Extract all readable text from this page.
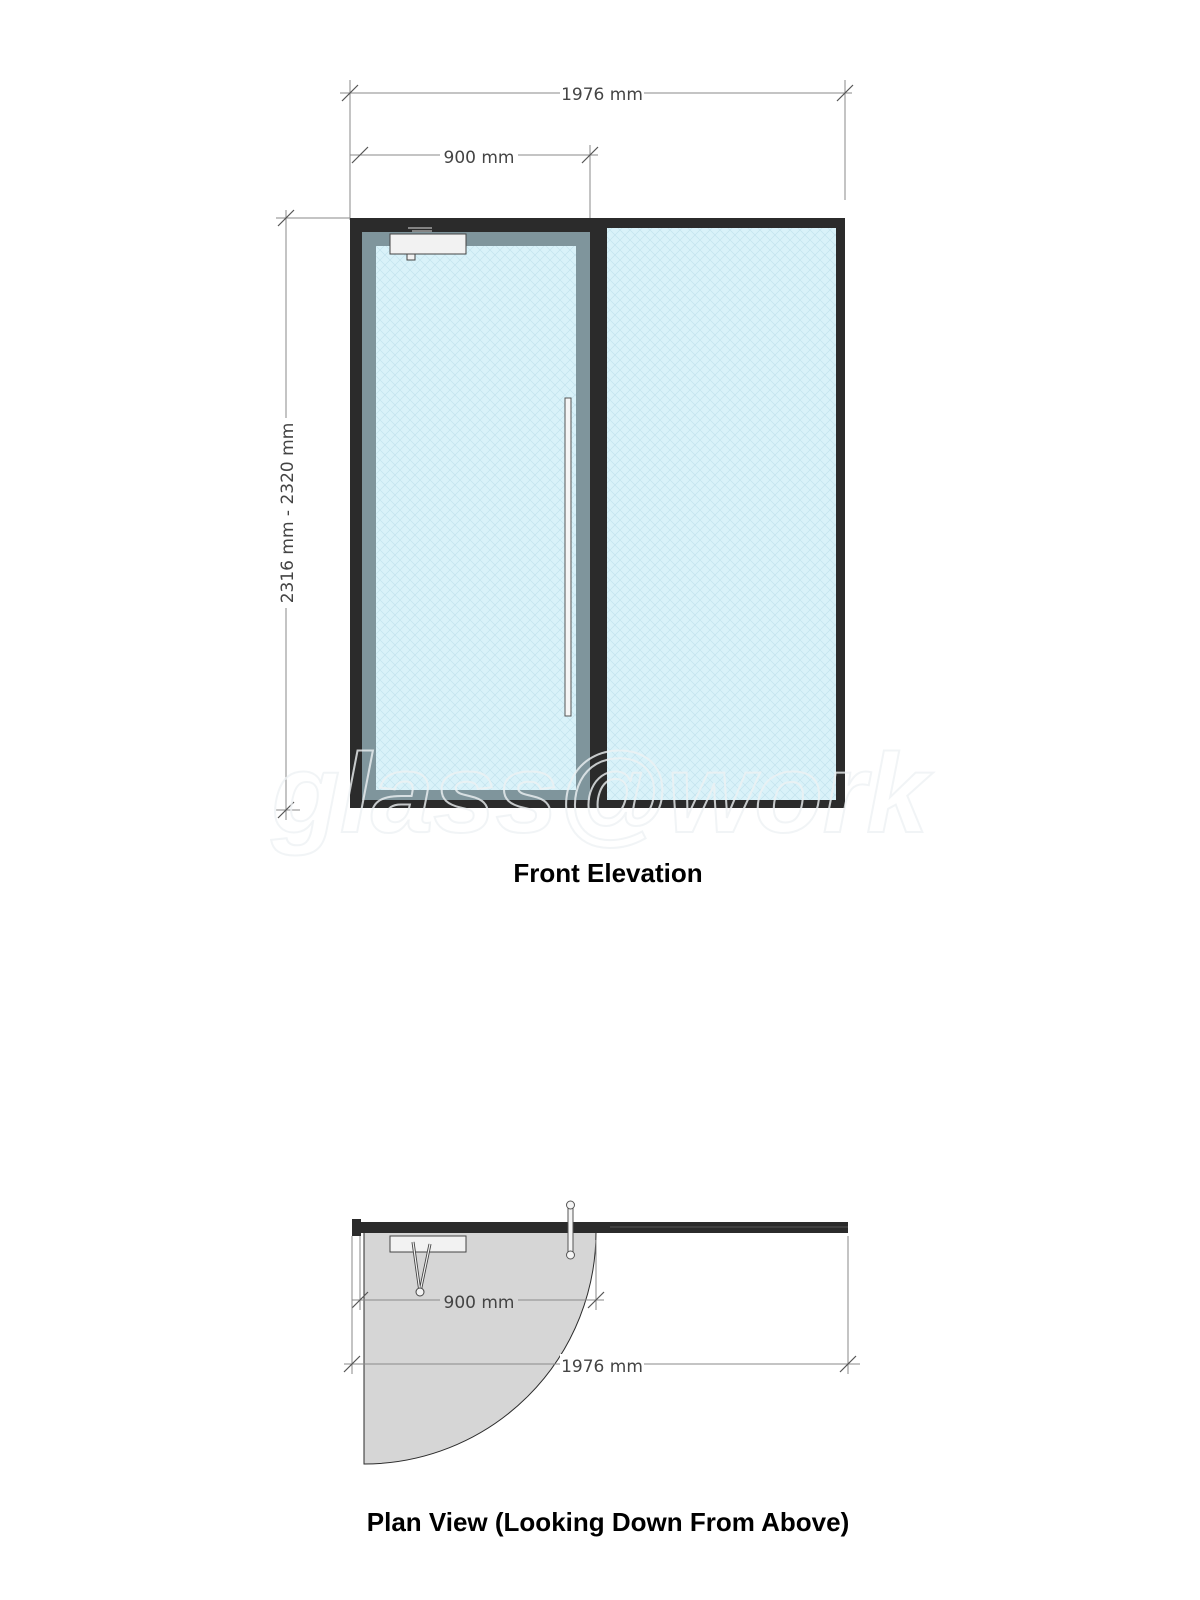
1976 mm
900 mm
2316 mm - 2320 mm
glass@work
Front Elevation
900 mm
1976 mm
Plan View (Looking Down From Above)
